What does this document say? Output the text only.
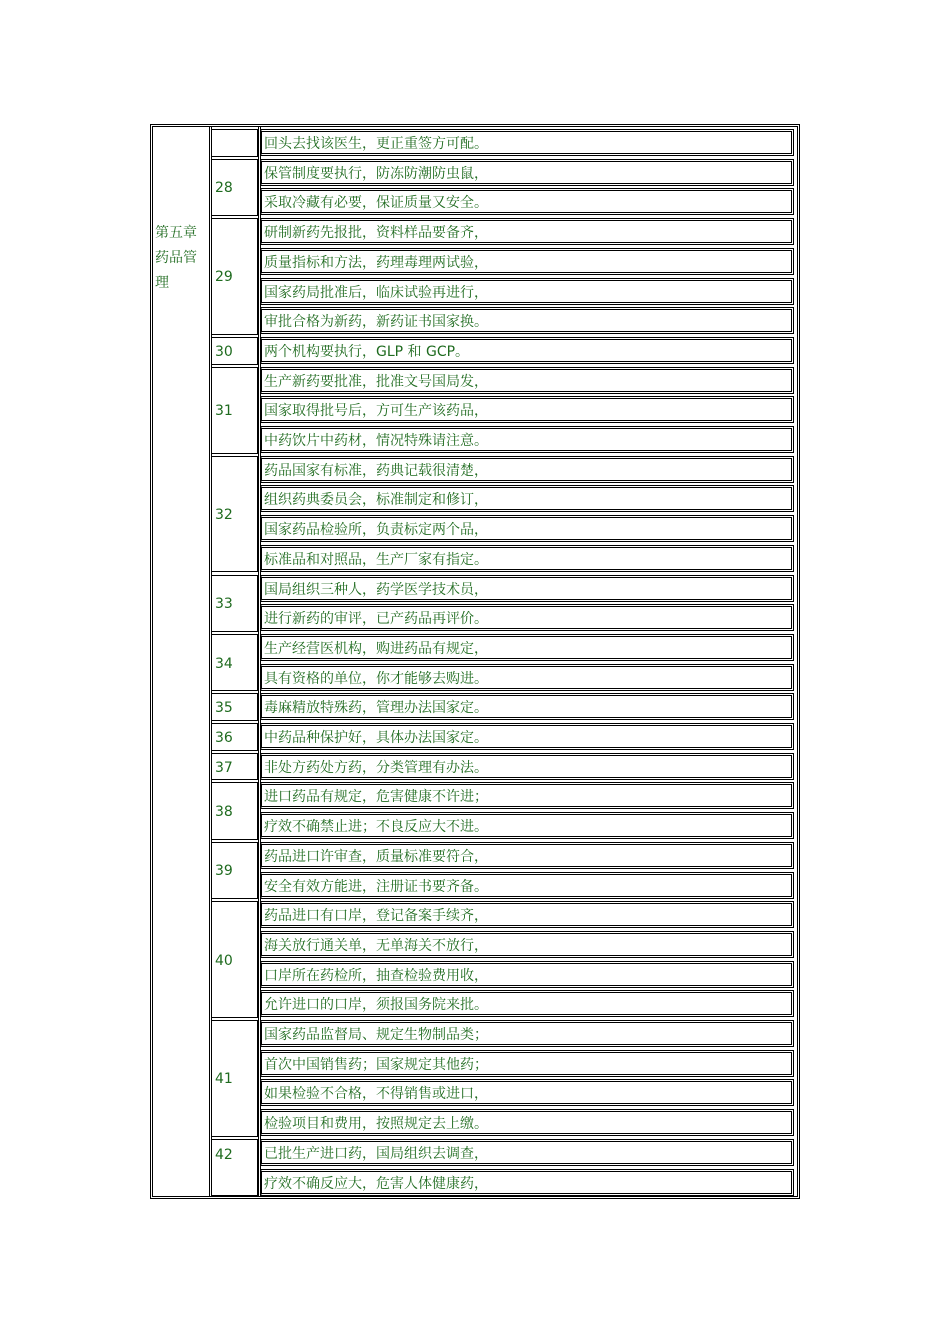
第五章药品管理
28
29
30
31
32
33
34
35
36
37
38
39
40
41
42
回头去找该医生，更正重签方可配。
保管制度要执行，防冻防潮防虫鼠，
采取冷藏有必要，保证质量又安全。
研制新药先报批，资料样品要备齐，
质量指标和方法，药理毒理两试验，
国家药局批准后，临床试验再进行，
审批合格为新药，新药证书国家换。
两个机构要执行，GLP 和 GCP。
生产新药要批准，批准文号国局发，
国家取得批号后，方可生产该药品，
中药饮片中药材，情况特殊请注意。
药品国家有标准，药典记载很清楚，
组织药典委员会，标准制定和修订，
国家药品检验所，负责标定两个品，
标准品和对照品，生产厂家有指定。
国局组织三种人，药学医学技术员，
进行新药的审评，已产药品再评价。
生产经营医机构，购进药品有规定，
具有资格的单位，你才能够去购进。
毒麻精放特殊药，管理办法国家定。
中药品种保护好，具体办法国家定。
非处方药处方药，分类管理有办法。
进口药品有规定，危害健康不许进；
疗效不确禁止进；不良反应大不进。
药品进口许审查，质量标准要符合，
安全有效方能进，注册证书要齐备。
药品进口有口岸，登记备案手续齐，
海关放行通关单，无单海关不放行，
口岸所在药检所，抽查检验费用收，
允许进口的口岸，须报国务院来批。
国家药品监督局、规定生物制品类；
首次中国销售药；国家规定其他药；
如果检验不合格，不得销售或进口，
检验项目和费用，按照规定去上缴。
已批生产进口药，国局组织去调查，
疗效不确反应大，危害人体健康药，
